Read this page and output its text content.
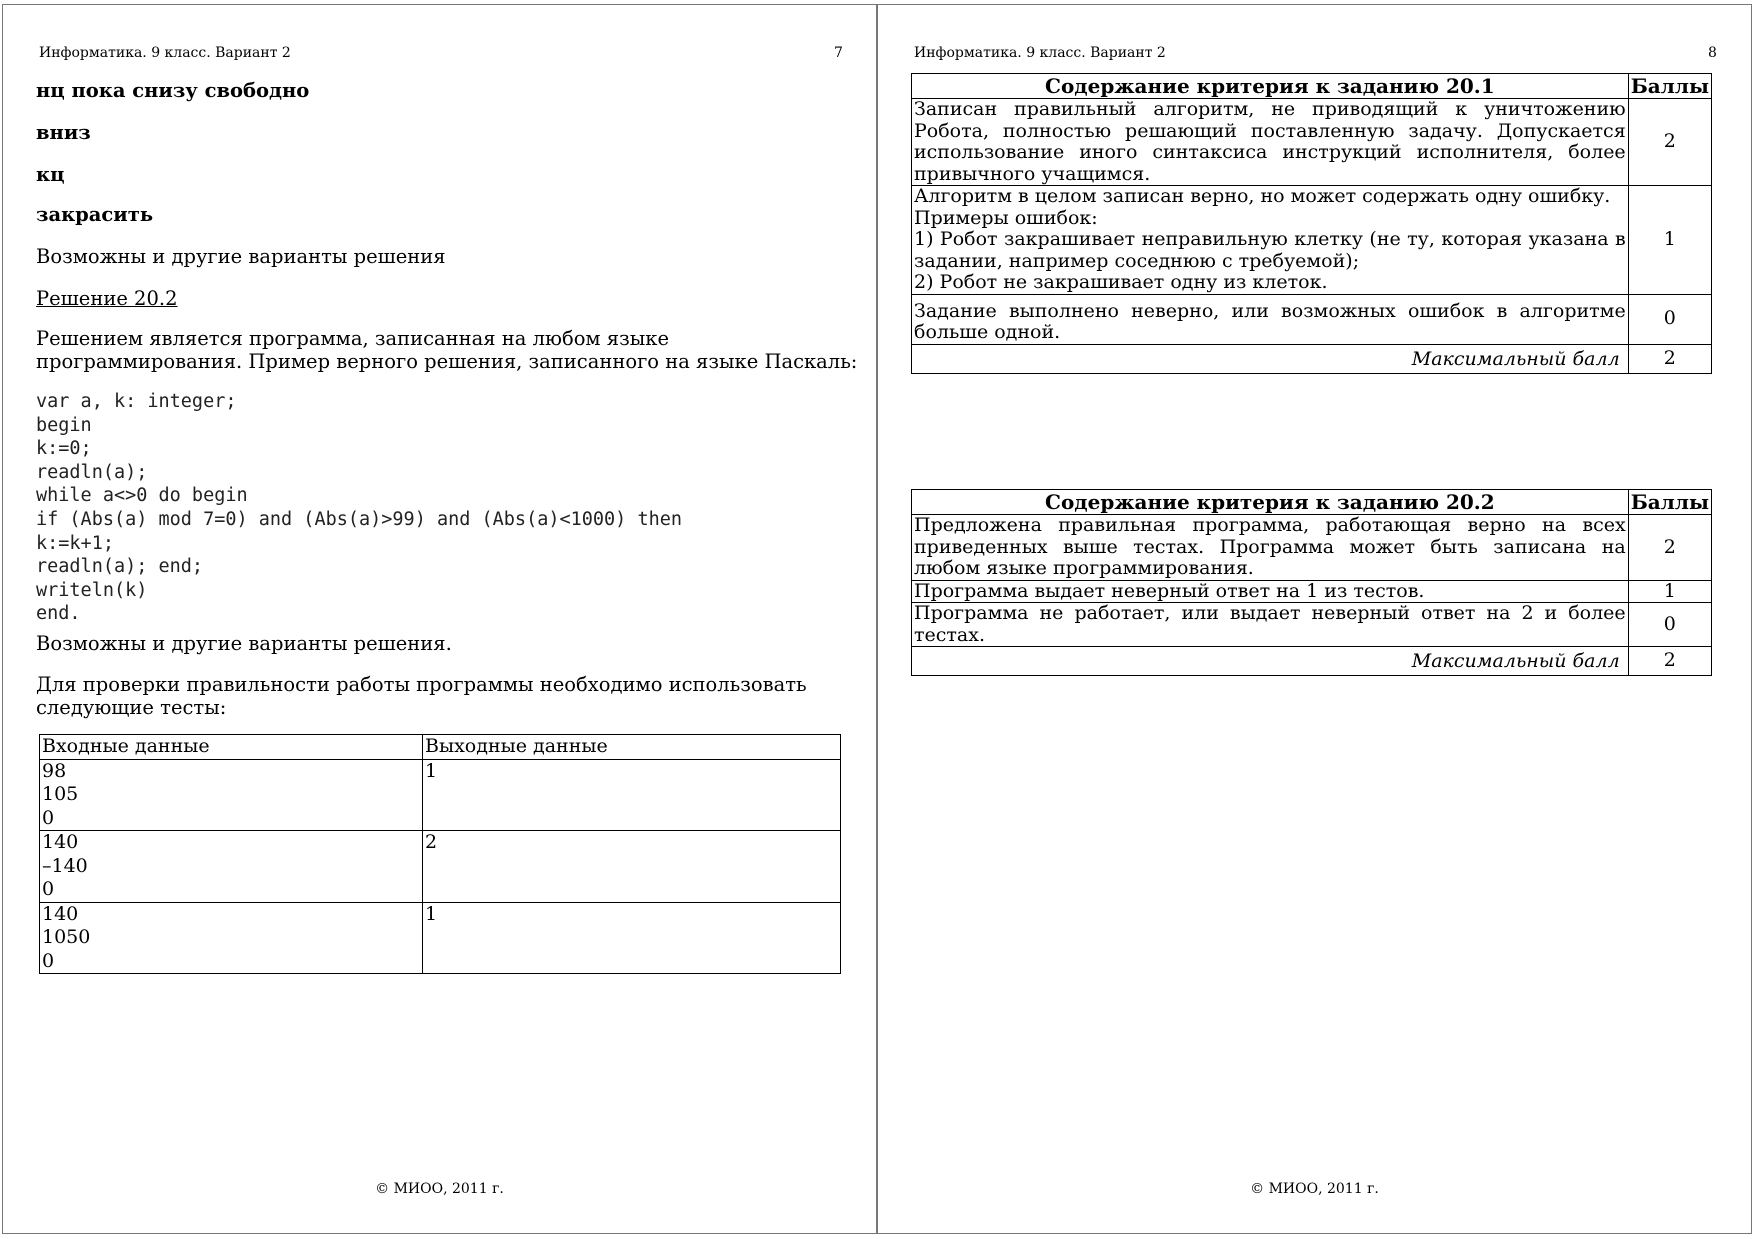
Информатика. 9 класс. Вариант 2	7
нц пока снизу свободно
вниз
кц
закрасить
Возможны и другие варианты решения
Решение 20.2
Решением является программа, записанная на любом языке
программирования. Пример верного решения, записанного на языке Паскаль:
var a, k: integer;
begin
k:=0;
readln(a);
while a<>0 do begin
if (Abs(a) mod 7=0) and (Abs(a)>99) and (Abs(a)<1000) then
k:=k+1;
readln(a); end;
writeln(k)
end.
Возможны и другие варианты решения.
Для проверки правильности работы программы необходимо использовать
следующие тесты:
Входные данные	Выходные данные

98
105
0	1

140
–140
0	2

140
1050
0	1
© МИОО, 2011 г.
Информатика. 9 класс. Вариант 2	8
Содержание критерия к заданию 20.1	Баллы
Записан правильный алгоритм, не приводящий к уничтожению Робота, полностью решающий поставленную задачу. Допускается использование иного синтаксиса инструкций исполнителя, более привычного учащимся.	2

Алгоритм в целом записан верно, но может содержать одну ошибку.
Примеры ошибок:
1) Робот закрашивает неправильную клетку (не ту, которая указана в задании, например соседнюю с требуемой);
2) Робот не закрашивает одну из клеток.	1
Задание выполнено неверно, или возможных ошибок в алгоритме больше одной.	0
Максимальный балл	2
Содержание критерия к заданию 20.2	Баллы
Предложена правильная программа, работающая верно на всех приведенных выше тестах. Программа может быть записана на любом языке программирования.	2
Программа выдает неверный ответ на 1 из тестов.	1
Программа не работает, или выдает неверный ответ на 2 и более тестах.	0
Максимальный балл	2
© МИОО, 2011 г.
